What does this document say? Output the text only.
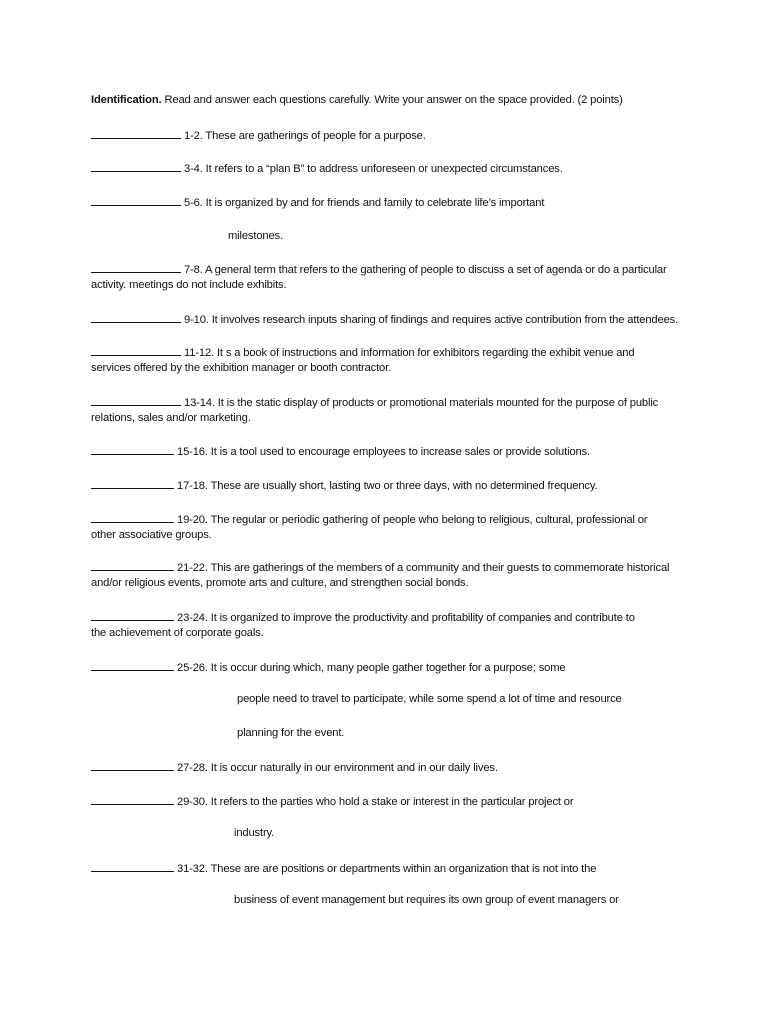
Identification. Read and answer each questions carefully. Write your answer on the space provided. (2 points)
1-2. These are gatherings of people for a purpose.
3-4. It refers to a “plan B” to address unforeseen or unexpected circumstances.
5-6. It is organized by and for friends and family to celebrate life’s important
milestones.
7-8. A general term that refers to the gathering of people to discuss a set of agenda or do a particular activity. meetings do not include exhibits.
9-10. It involves research inputs sharing of findings and requires active contribution from the attendees.
11-12. It s a book of instructions and information for exhibitors regarding the exhibit venue and services offered by the exhibition manager or booth contractor.
13-14. It is the static display of products or promotional materials mounted for the purpose of public relations, sales and/or marketing.
15-16. It is a tool used to encourage employees to increase sales or provide solutions.
17-18. These are usually short, lasting two or three days, with no determined frequency.
19-20. The regular or periodic gathering of people who belong to religious, cultural, professional or other associative groups.
21-22. This are gatherings of the members of a community and their guests to commemorate historical and/or religious events, promote arts and culture, and strengthen social bonds.
23-24. It is organized to improve the productivity and profitability of companies and contribute to the achievement of corporate goals.
25-26. It is occur during which, many people gather together for a purpose; some
people need to travel to participate, while some spend a lot of time and resource
planning for the event.
27-28. It is occur naturally in our environment and in our daily lives.
29-30. It refers to the parties who hold a stake or interest in the particular project or
industry.
31-32. These are are positions or departments within an organization that is not into the
business of event management but requires its own group of event managers or
